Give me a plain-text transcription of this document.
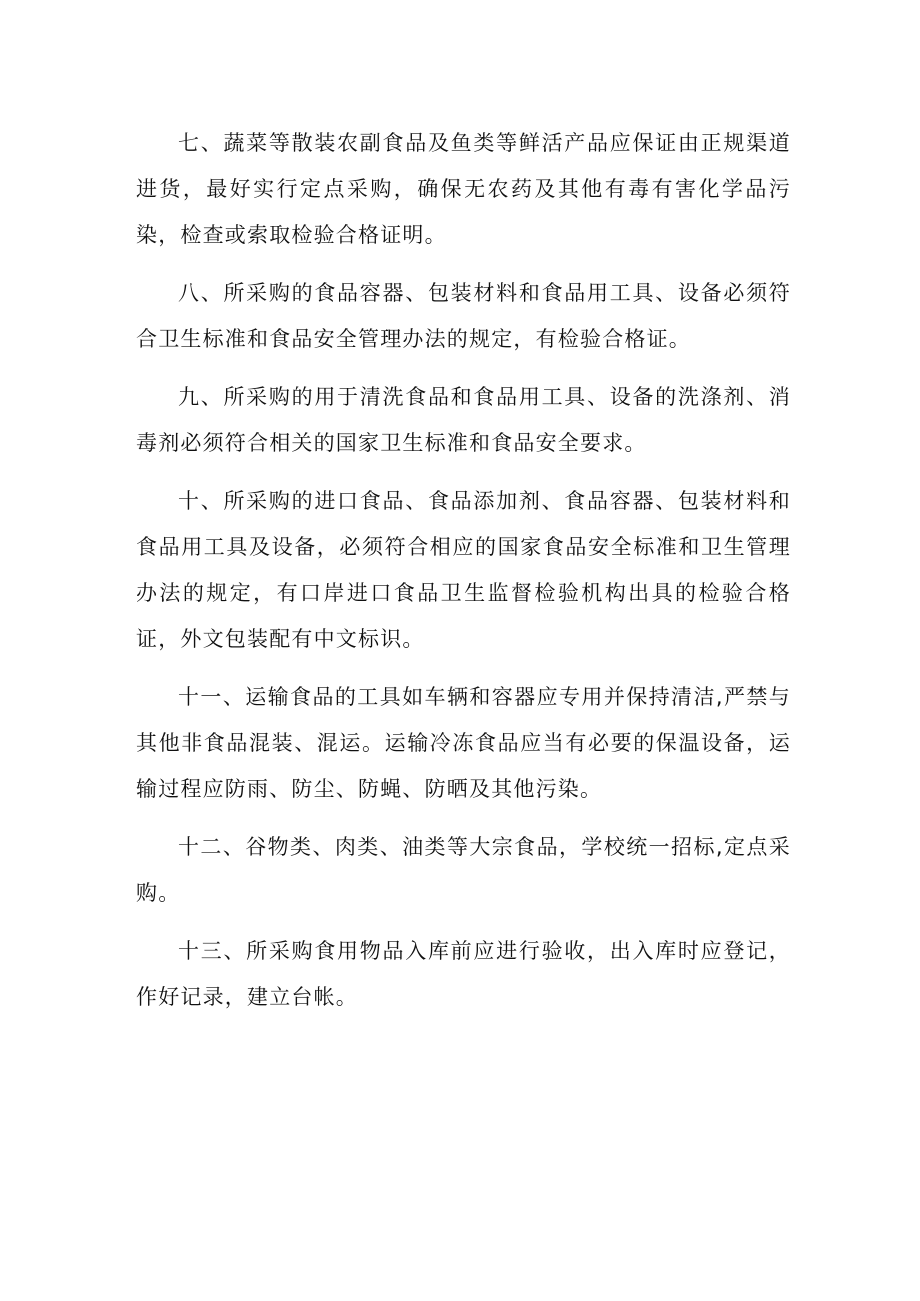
七、蔬菜等散装农副食品及鱼类等鲜活产品应保证由正规渠道进货，最好实行定点采购，确保无农药及其他有毒有害化学品污染，检查或索取检验合格证明。

八、所采购的食品容器、包装材料和食品用工具、设备必须符合卫生标准和食品安全管理办法的规定，有检验合格证。

九、所采购的用于清洗食品和食品用工具、设备的洗涤剂、消毒剂必须符合相关的国家卫生标准和食品安全要求。

十、所采购的进口食品、食品添加剂、食品容器、包装材料和食品用工具及设备，必须符合相应的国家食品安全标准和卫生管理办法的规定，有口岸进口食品卫生监督检验机构出具的检验合格证，外文包装配有中文标识。

十一、运输食品的工具如车辆和容器应专用并保持清洁,严禁与其他非食品混装、混运。运输冷冻食品应当有必要的保温设备，运输过程应防雨、防尘、防蝇、防晒及其他污染。

十二、谷物类、肉类、油类等大宗食品，学校统一招标,定点采购。

十三、所采购食用物品入库前应进行验收，出入库时应登记，作好记录，建立台帐。
